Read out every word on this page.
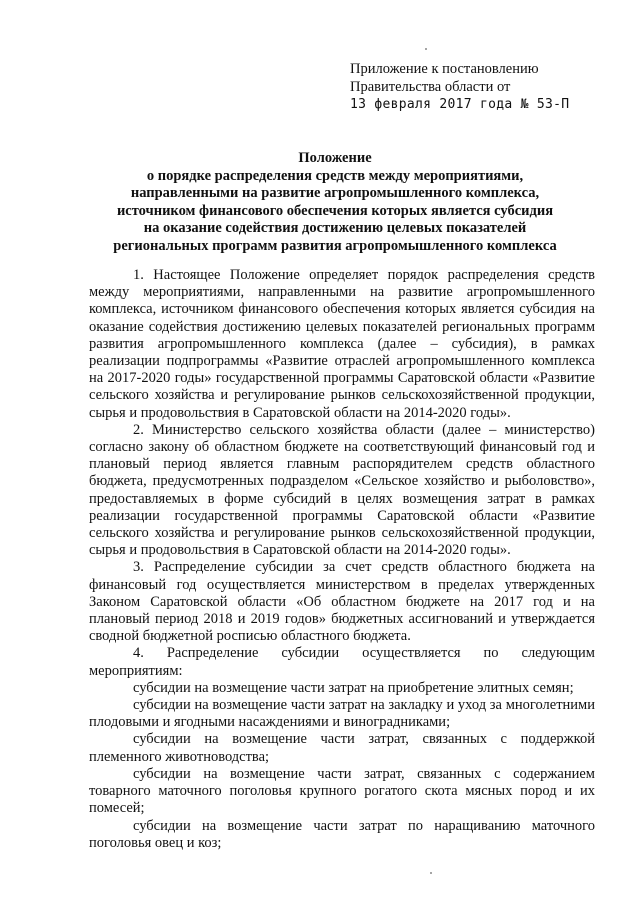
Приложение к постановлению
Правительства области от
13 февраля 2017 года № 53-П
Положение
о порядке распределения средств между мероприятиями,
направленными на развитие агропромышленного комплекса,
источником финансового обеспечения которых является субсидия
на оказание содействия достижению целевых показателей
региональных программ развития агропромышленного комплекса

1. Настоящее Положение определяет порядок распределения средств между мероприятиями, направленными на развитие агропромышленного комплекса, источником финансового обеспечения которых является субсидия на оказание содействия достижению целевых показателей региональных программ развития агропромышленного комплекса (далее – субсидия), в рамках реализации подпрограммы «Развитие отраслей агропромышленного комплекса на 2017-2020 годы» государственной программы Саратовской области «Развитие сельского хозяйства и регулирование рынков сельскохозяйственной продукции, сырья и продовольствия в Саратовской области на 2014-2020 годы».

2. Министерство сельского хозяйства области (далее – министерство) согласно закону об областном бюджете на соответствующий финансовый год и плановый период является главным распорядителем средств областного бюджета, предусмотренных подразделом «Сельское хозяйство и рыболовство», предоставляемых в форме субсидий в целях возмещения затрат в рамках реализации государственной программы Саратовской области «Развитие сельского хозяйства и регулирование рынков сельскохозяйственной продукции, сырья и продовольствия в Саратовской области на 2014-2020 годы».

3. Распределение субсидии за счет средств областного бюджета на финансовый год осуществляется министерством в пределах утвержденных Законом Саратовской области «Об областном бюджете на 2017 год и на плановый период 2018 и 2019 годов» бюджетных ассигнований и утверждается сводной бюджетной росписью областного бюджета.

4. Распределение субсидии осуществляется по следующим мероприятиям:

субсидии на возмещение части затрат на приобретение элитных семян;

субсидии на возмещение части затрат на закладку и уход за многолетними плодовыми и ягодными насаждениями и виноградниками;

субсидии на возмещение части затрат, связанных с поддержкой племенного животноводства;

субсидии на возмещение части затрат, связанных с содержанием товарного маточного поголовья крупного рогатого скота мясных пород и их помесей;

субсидии на возмещение части затрат по наращиванию маточного поголовья овец и коз;
